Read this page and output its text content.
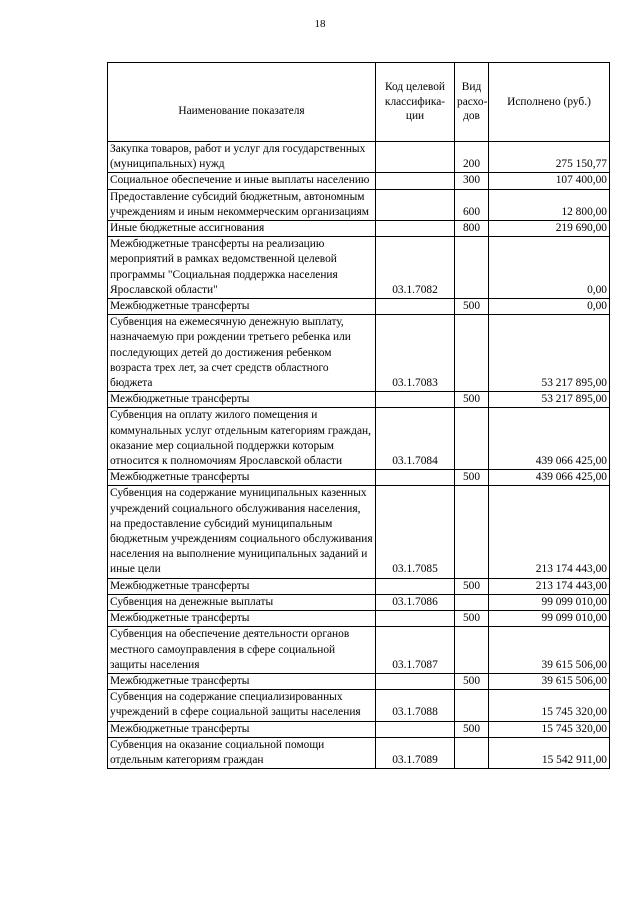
18
Наименование показателя	Код целевой классифика- ции	Вид расхо- дов	Исполнено (руб.)
Закупка товаров, работ и услуг для государственных (муниципальных) нужд		200	275 150,77
Социальное обеспечение и иные выплаты населению		300	107 400,00
Предоставление субсидий бюджетным, автономным учреждениям и иным некоммерческим организациям		600	12 800,00
Иные бюджетные ассигнования		800	219 690,00
Межбюджетные трансферты на реализацию мероприятий в рамках ведомственной целевой программы "Социальная поддержка населения Ярославской области"	03.1.7082		0,00
Межбюджетные трансферты		500	0,00
Субвенция на ежемесячную денежную выплату, назначаемую при рождении третьего ребенка или последующих детей до достижения ребенком возраста трех лет, за счет средств областного бюджета	03.1.7083		53 217 895,00
Межбюджетные трансферты		500	53 217 895,00
Субвенция на оплату жилого помещения и коммунальных услуг отдельным категориям граждан, оказание мер социальной поддержки которым относится к полномочиям Ярославской области	03.1.7084		439 066 425,00
Межбюджетные трансферты		500	439 066 425,00
Субвенция на содержание муниципальных казенных учреждений социального обслуживания населения, на предоставление субсидий муниципальным бюджетным учреждениям социального обслуживания населения на выполнение муниципальных заданий и иные цели	03.1.7085		213 174 443,00
Межбюджетные трансферты		500	213 174 443,00
Субвенция на денежные выплаты	03.1.7086		99 099 010,00
Межбюджетные трансферты		500	99 099 010,00
Субвенция на обеспечение деятельности органов местного самоуправления в сфере социальной защиты населения	03.1.7087		39 615 506,00
Межбюджетные трансферты		500	39 615 506,00
Субвенция на содержание специализированных учреждений в сфере социальной защиты населения	03.1.7088		15 745 320,00
Межбюджетные трансферты		500	15 745 320,00
Субвенция на оказание социальной помощи отдельным категориям граждан	03.1.7089		15 542 911,00
